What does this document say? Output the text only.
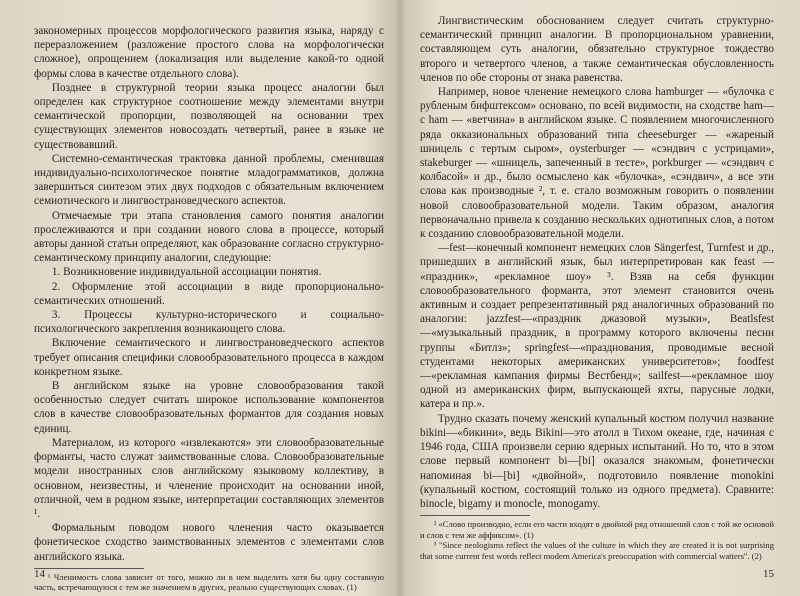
закономерных процессов морфологического развития языка, наряду с переразложением (разложение простого слова на морфологически сложное), опрощением (локализация или выделение какой-то одной формы слова в качестве отдельного слова).

Позднее в структурной теории языка процесс аналогии был определен как структурное соотношение между элементами внутри семантической пропорции, позволяющей на основании трех существующих элементов новосоздать четвертый, ранее в языке не существовавший.

Системно-семантическая трактовка данной проблемы, сменившая индивидуально-психологическое понятие младограмматиков, должна завершиться синтезом этих двух подходов с обязательным включением семиотического и лингвострановедческого аспектов.

Отмечаемые три этапа становления самого понятия аналогии прослеживаются и при создании нового слова в процессе, который авторы данной статьи определяют, как образование согласно структурно-семантическому принципу аналогии, следующие:

1. Возникновение индивидуальной ассоциации понятия.

2. Оформление этой ассоциации в виде пропорционально-семантических отношений.

3. Процессы культурно-исторического и социально-психологического закрепления возникающего слова.

Включение семантического и лингвострановедческого аспектов требует описания специфики словообразовательного процесса в каждом конкретном языке.

В английском языке на уровне словообразования такой особенностью следует считать широкое использование компонентов слов в качестве словообразовательных формантов для создания новых единиц.

Материалом, из которого «извлекаются» эти словообразовательные форманты, часто служат заимствованные слова. Словообразовательные модели иностранных слов английскому языковому коллективу, в основном, неизвестны, и членение происходит на основании иной, отличной, чем в родном языке, интерпретации составляющих элементов ¹.

Формальным поводом нового членения часто оказывается фонетическое сходство заимствованных элементов с элементами слов английского языка.

¹ Членимость слова зависит от того, можно ли в нем выделить хотя бы одну составную часть, встречающуюся с тем же значением в других, реально существующих словах. (1)

14

Лингвистическим обоснованием следует считать структурно-семантический принцип аналогии. В пропорциональном уравнении, составляющем суть аналогии, обязательно структурное тождество второго и четвертого членов, а также семантическая обусловленность членов по обе стороны от знака равенства.

Например, новое членение немецкого слова hamburger — «булочка с рубленым бифштексом» основано, по всей видимости, на сходстве ham— с ham — «ветчина» в английском языке. С появлением многочисленного ряда окказиональных образований типа cheeseburger — «жареный шницель с тертым сыром», oysterburger — «сэндвич с устрицами», stakeburger — «шницель, запеченный в тесте», porkburger — «сэндвич с колбасой» и др., было осмыслено как «булочка», «сэндвич», а все эти слова как производные ², т. е. стало возможным говорить о появлении новой словообразовательной модели. Таким образом, аналогия первоначально привела к созданию нескольких однотипных слов, а потом к созданию словообразовательной модели.

—fest—конечный компонент немецких слов Sängerfest, Turnfest и др., пришедших в английский язык, был интерпретирован как feast — «праздник», «рекламное шоу» ³. Взяв на себя функции словообразовательного форманта, этот элемент становится очень активным и создает репрезентативный ряд аналогичных образований по аналогии: jazzfest—«праздник джазовой музыки», Beatlsfest—«музыкальный праздник, в программу которого включены песни группы «Битлз»; springfest—«празднования, проводимые весной студентами некоторых американских университетов»; foodfest—«рекламная кампания фирмы Вестбенд»; sailfest—«рекламное шоу одной из американских фирм, выпускающей яхты, парусные лодки, катера и пр.».

Трудно сказать почему женский купальный костюм получил название bikini—«бикини», ведь Bikini—это атолл в Тихом океане, где, начиная с 1946 года, США произвели серию ядерных испытаний. Но то, что в этом слове первый компонент bi—[bi] оказался знакомым, фонетически напоминая bi—[bi] «двойной», подготовило появление monokini (купальный костюм, состоящий только из одного предмета). Сравните: binocle, bigamy и monocle, monogamy.

² «Слово производно, если его части входят в двойной ряд отношений слов с той же основой и слов с тем же аффиксом». (1)

³ "Since neologisms reflect the values of the culture in which they are created it is not surprising that some current fest words reflect modern America's preoccupation with commercial watters". (2)

15
